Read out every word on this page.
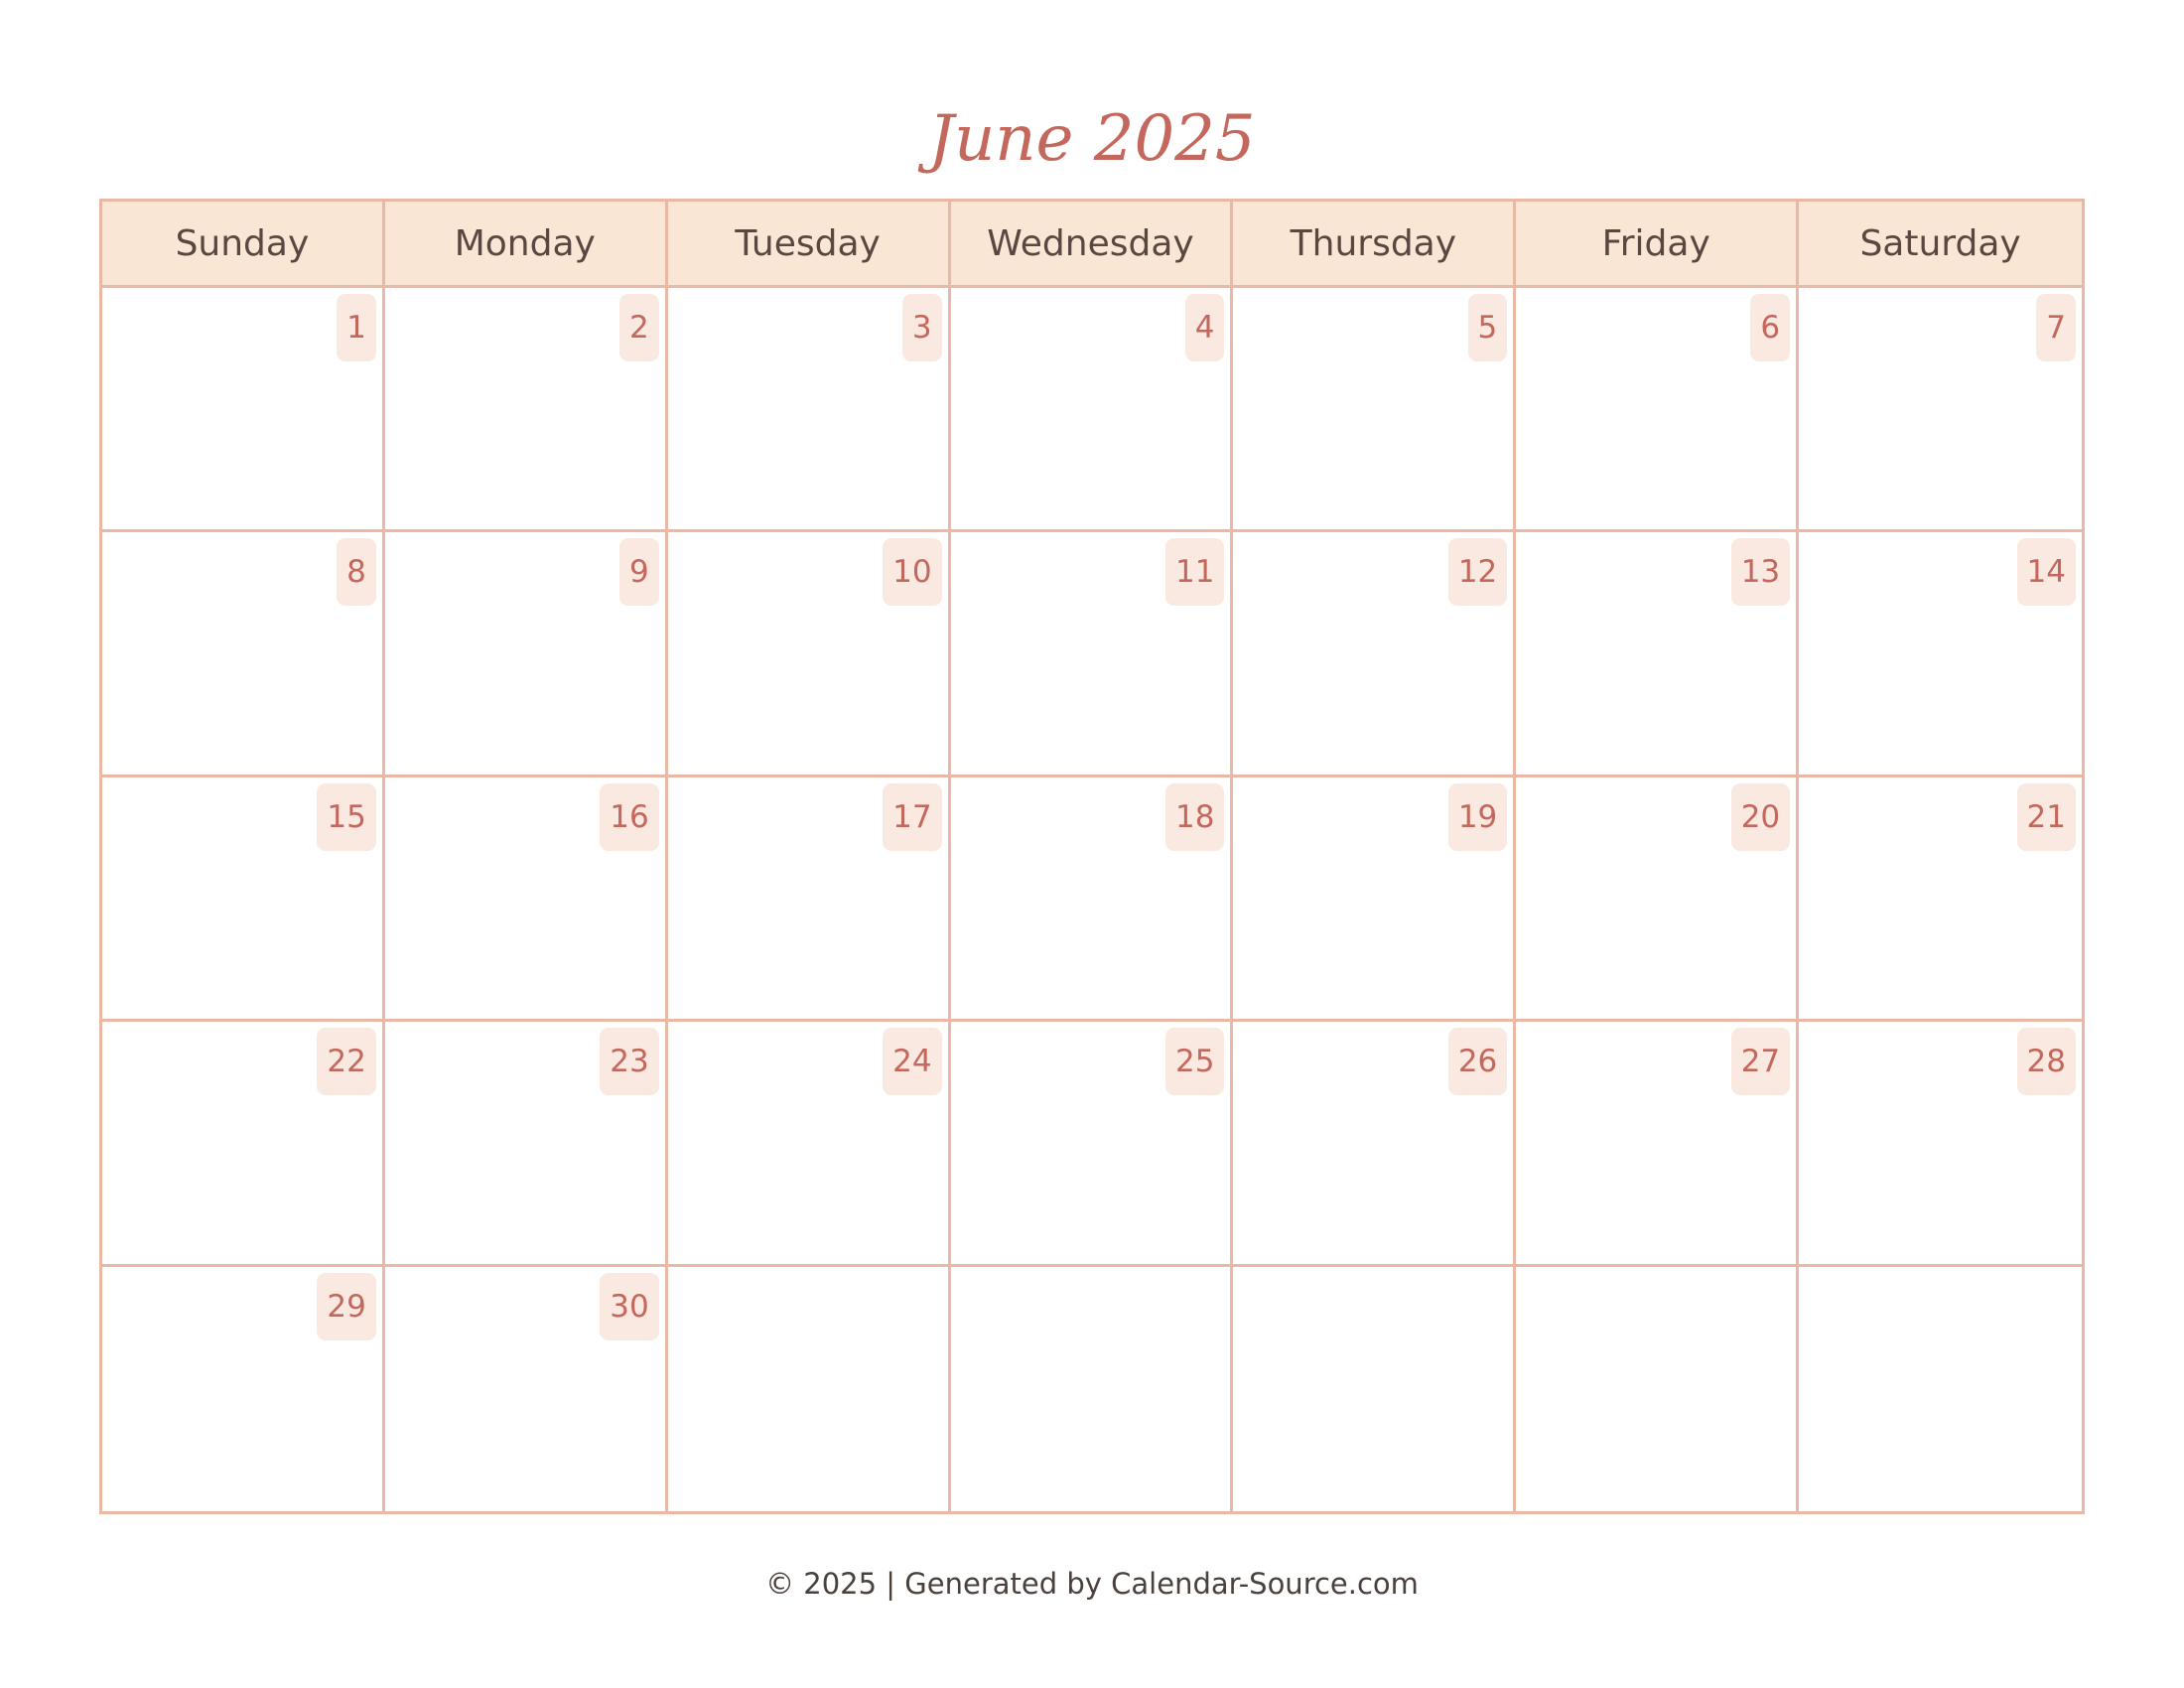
June 2025
Sunday	Monday	Tuesday	Wednesday	Thursday	Friday	Saturday
1	2	3	4	5	6	7
8	9	10	11	12	13	14
15	16	17	18	19	20	21
22	23	24	25	26	27	28
29	30
© 2025 | Generated by Calendar-Source.com
